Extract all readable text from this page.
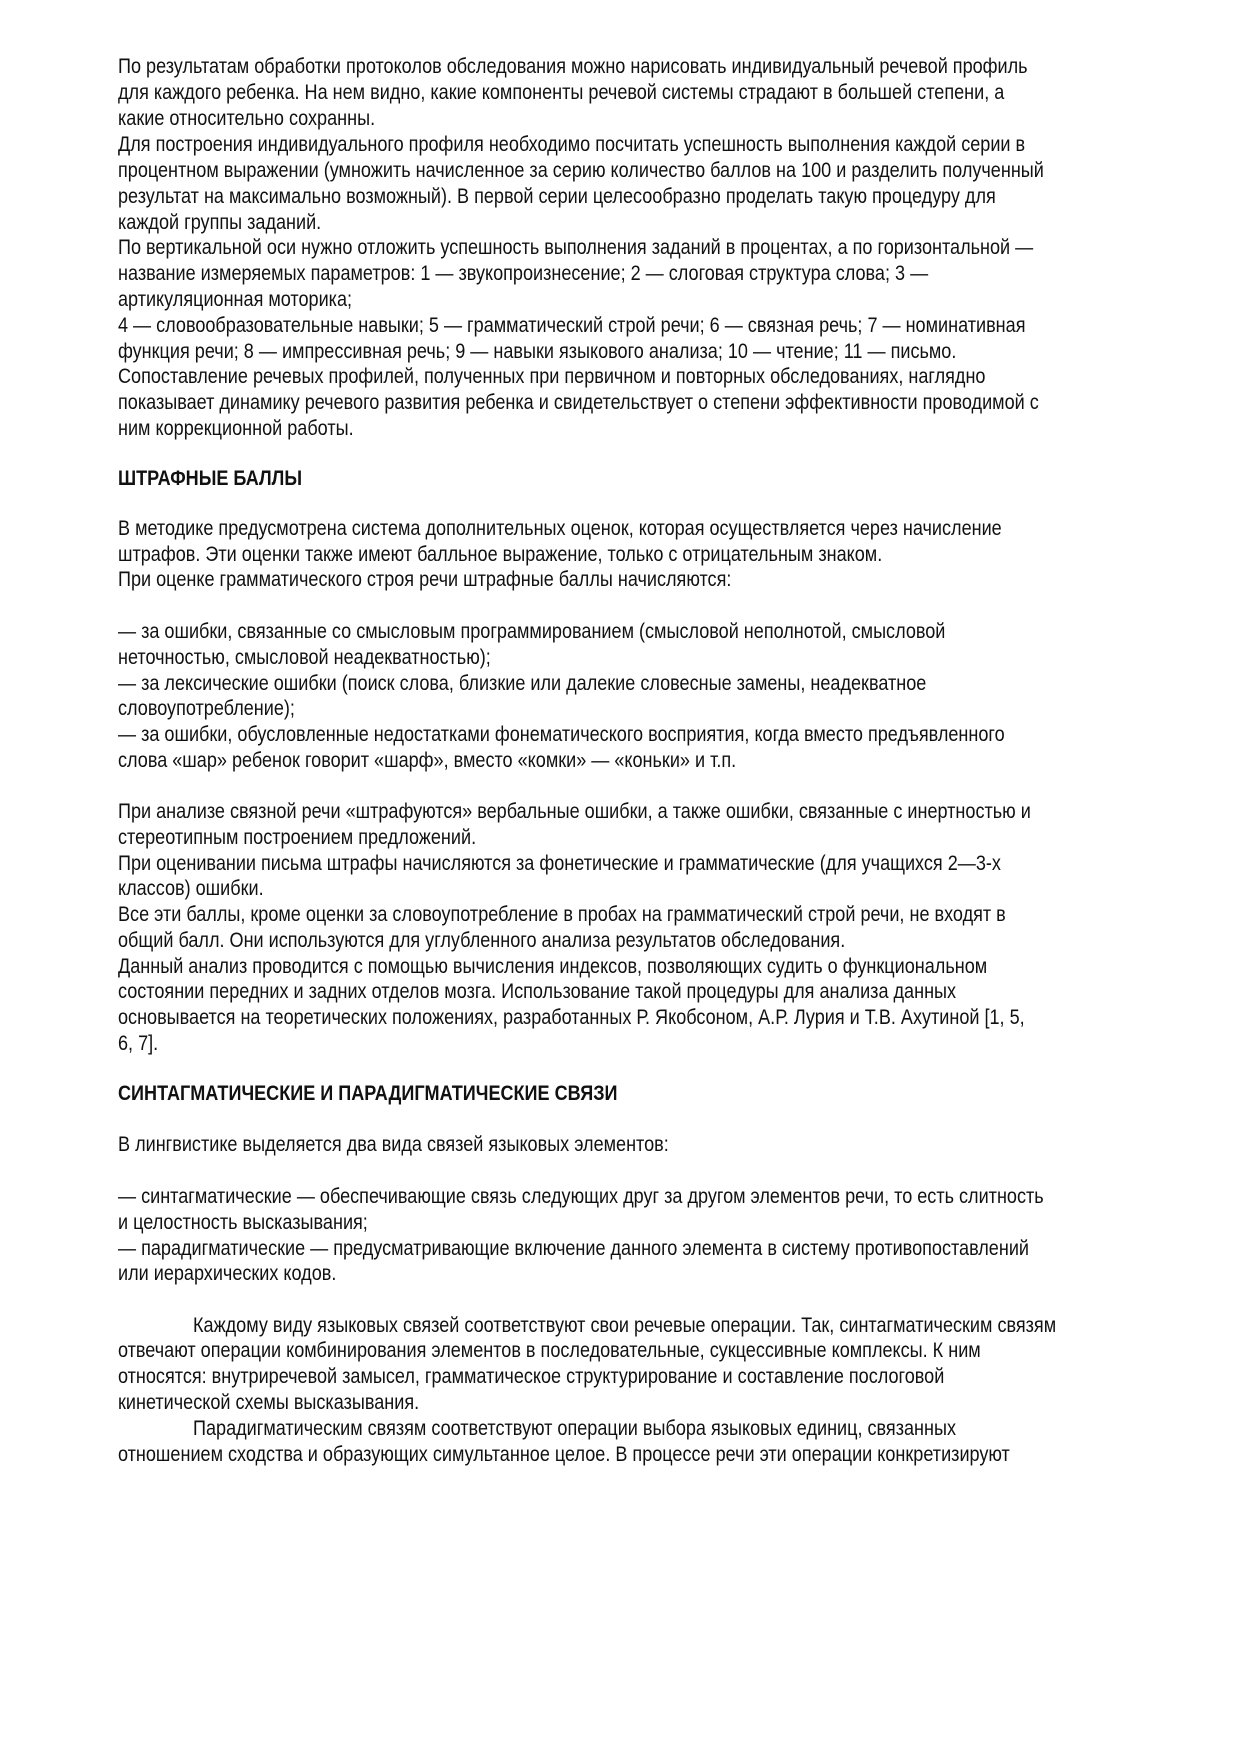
По результатам обработки протоколов обследования можно нарисовать индивидуальный речевой профиль
для каждого ребенка. На нем видно, какие компоненты речевой системы страдают в большей степени, а
какие относительно сохранны.
Для построения индивидуального профиля необходимо посчитать успешность выполнения каждой серии в
процентном выражении (умножить начисленное за серию количество баллов на 100 и разделить полученный
результат на максимально возможный). В первой серии целесообразно проделать такую процедуру для
каждой группы заданий.
По вертикальной оси нужно отложить успешность выполнения заданий в процентах, а по горизонтальной —
название измеряемых параметров: 1 — звукопроизнесение; 2 — слоговая структура слова; 3 —
артикуляционная моторика;
4 — словообразовательные навыки; 5 — грамматический строй речи; 6 — связная речь; 7 — номинативная
функция речи; 8 — импрессивная речь; 9 — навыки языкового анализа; 10 — чтение; 11 — письмо.
Сопоставление речевых профилей, полученных при первичном и повторных обследованиях, наглядно
показывает динамику речевого развития ребенка и свидетельствует о степени эффективности проводимой с
ним коррекционной работы.
В методике предусмотрена система дополнительных оценок, которая осуществляется через начисление
штрафов. Эти оценки также имеют балльное выражение, только с отрицательным знаком.
При оценке грамматического строя речи штрафные баллы начисляются:
— за ошибки, связанные со смысловым программированием (смысловой неполнотой, смысловой
неточностью, смысловой неадекватностью);
— за лексические ошибки (поиск слова, близкие или далекие словесные замены, неадекватное
словоупотребление);
— за ошибки, обусловленные недостатками фонематического восприятия, когда вместо предъявленного
слова «шар» ребенок говорит «шарф», вместо «комки» — «коньки» и т.п.
При анализе связной речи «штрафуются» вербальные ошибки, а также ошибки, связанные с инертностью и
стереотипным построением предложений.
При оценивании письма штрафы начисляются за фонетические и грамматические (для учащихся 2—3-х
классов) ошибки.
Все эти баллы, кроме оценки за словоупотребление в пробах на грамматический строй речи, не входят в
общий балл. Они используются для углубленного анализа результатов обследования.
Данный анализ проводится с помощью вычисления индексов, позволяющих судить о функциональном
состоянии передних и задних отделов мозга. Использование такой процедуры для анализа данных
основывается на теоретических положениях, разработанных Р. Якобсоном, А.Р. Лурия и Т.В. Ахутиной [1, 5,
6, 7].
В лингвистике выделяется два вида связей языковых элементов:
— синтагматические — обеспечивающие связь следующих друг за другом элементов речи, то есть слитность
и целостность высказывания;
— парадигматические — предусматривающие включение данного элемента в систему противопоставлений
или иерархических кодов.
Каждому виду языковых связей соответствуют свои речевые операции. Так, синтагматическим связям
отвечают операции комбинирования элементов в последовательные, сукцессивные комплексы. К ним
относятся: внутриречевой замысел, грамматическое структурирование и составление послоговой
кинетической схемы высказывания.
Парадигматическим связям соответствуют операции выбора языковых единиц, связанных
отношением сходства и образующих симультанное целое. В процессе речи эти операции конкретизируют
ШТРАФНЫЕ БАЛЛЫ
СИНТАГМАТИЧЕСКИЕ И ПАРАДИГМАТИЧЕСКИЕ СВЯЗИ
